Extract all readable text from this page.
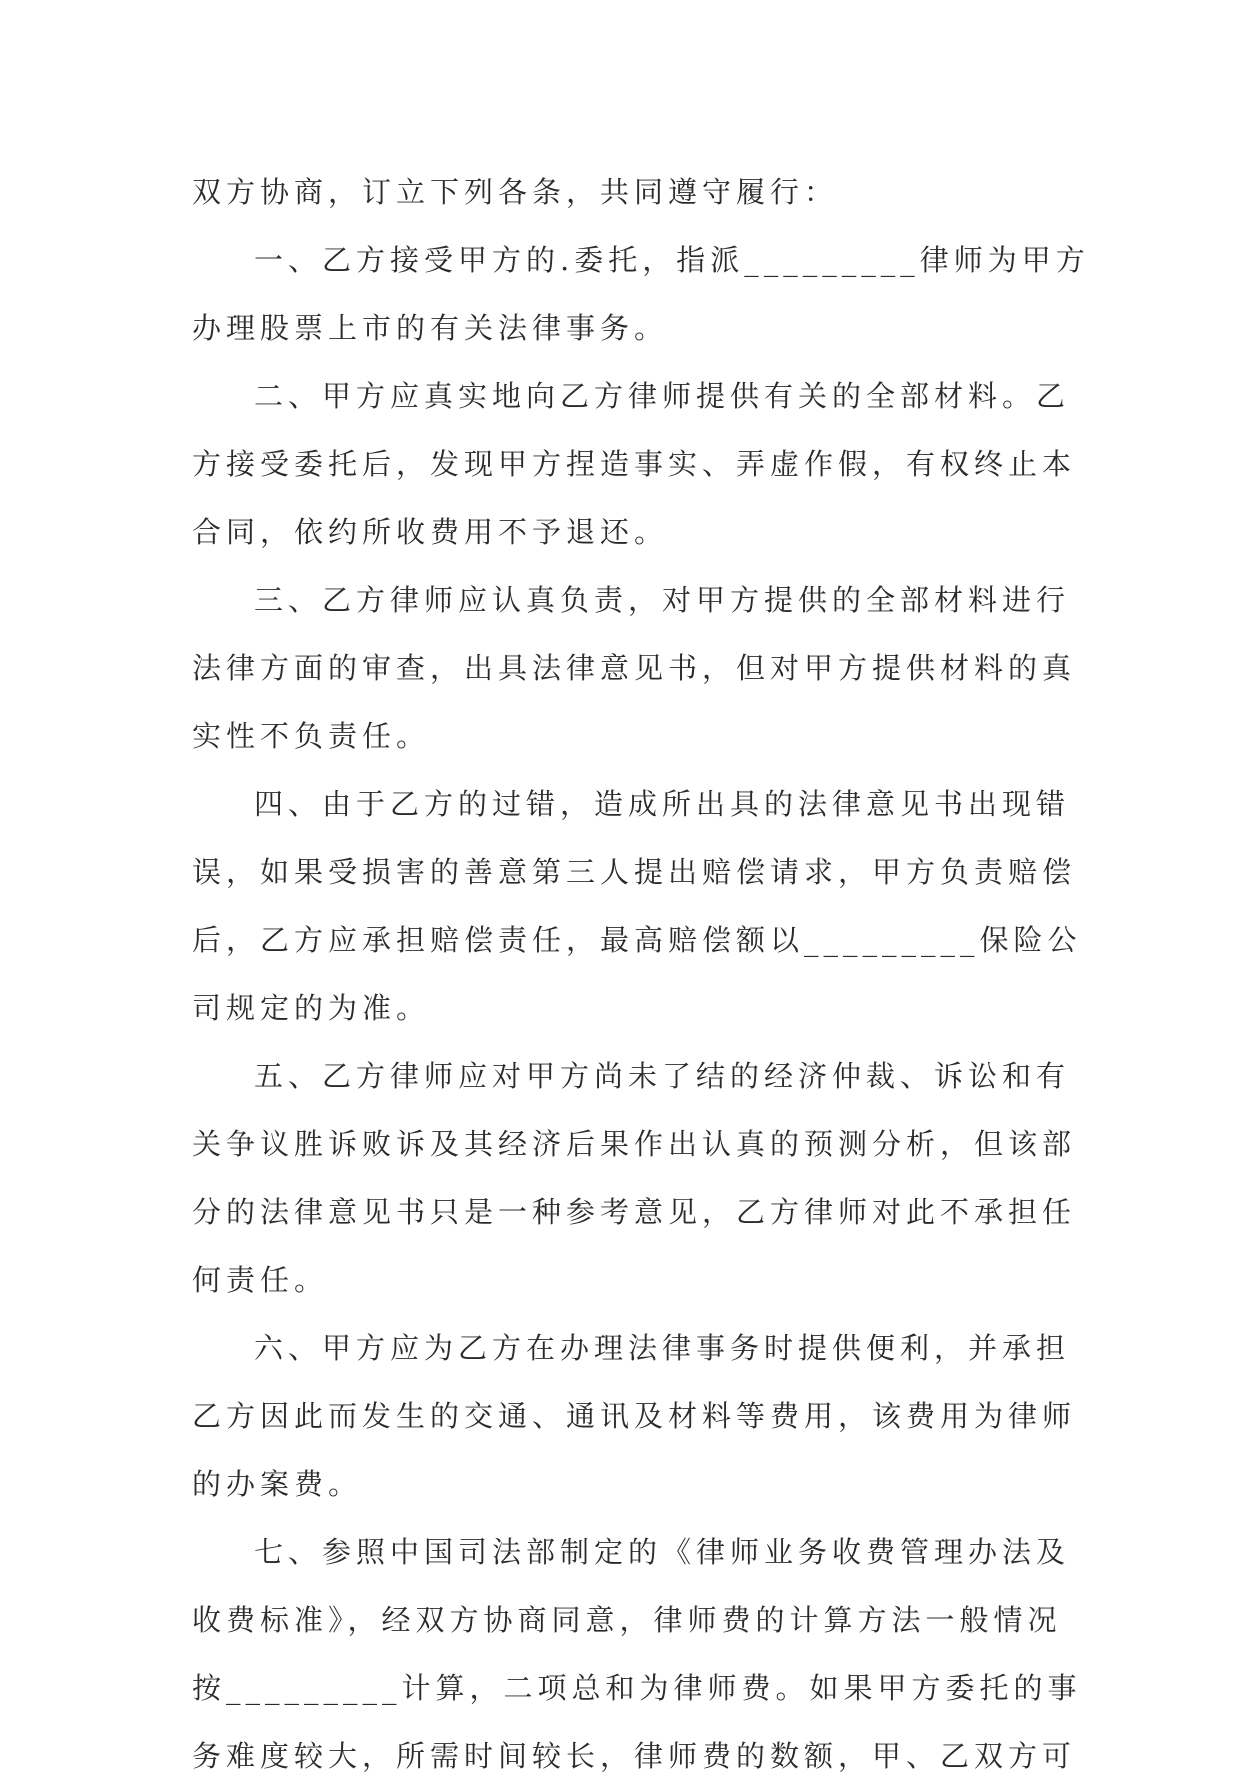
双方协商，订立下列各条，共同遵守履行：
一、乙方接受甲方的.委托，指派_________律师为甲方
办理股票上市的有关法律事务。
二、甲方应真实地向乙方律师提供有关的全部材料。乙
方接受委托后，发现甲方捏造事实、弄虚作假，有权终止本
合同，依约所收费用不予退还。
三、乙方律师应认真负责，对甲方提供的全部材料进行
法律方面的审查，出具法律意见书，但对甲方提供材料的真
实性不负责任。
四、由于乙方的过错，造成所出具的法律意见书出现错
误，如果受损害的善意第三人提出赔偿请求，甲方负责赔偿
后，乙方应承担赔偿责任，最高赔偿额以_________保险公
司规定的为准。
五、乙方律师应对甲方尚未了结的经济仲裁、诉讼和有
关争议胜诉败诉及其经济后果作出认真的预测分析，但该部
分的法律意见书只是一种参考意见，乙方律师对此不承担任
何责任。
六、甲方应为乙方在办理法律事务时提供便利，并承担
乙方因此而发生的交通、通讯及材料等费用，该费用为律师
的办案费。
七、参照中国司法部制定的《律师业务收费管理办法及
收费标准》，经双方协商同意，律师费的计算方法一般情况
按_________计算，二项总和为律师费。如果甲方委托的事
务难度较大，所需时间较长，律师费的数额，甲、乙双方可
